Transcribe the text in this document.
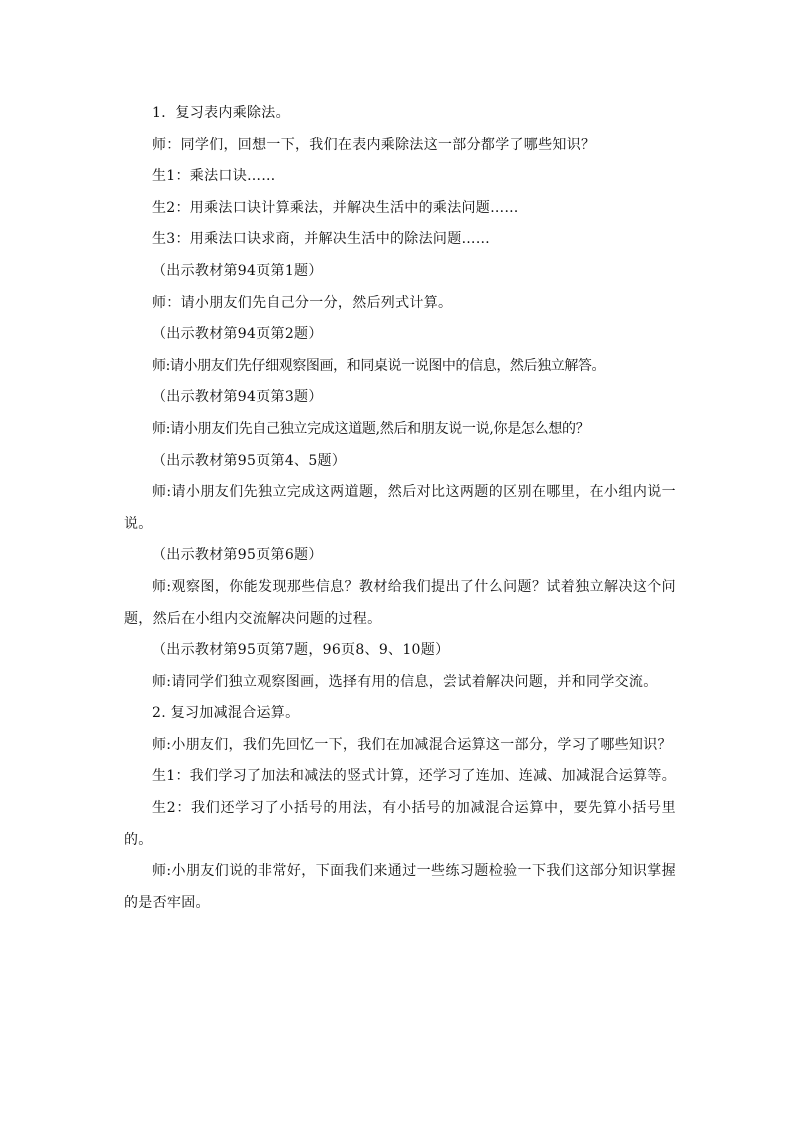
1．复习表内乘除法。

师：同学们，回想一下，我们在表内乘除法这一部分都学了哪些知识？

生1：乘法口诀……

生2：用乘法口诀计算乘法，并解决生活中的乘法问题……

生3：用乘法口诀求商，并解决生活中的除法问题……

（出示教材第94页第1题）

师：请小朋友们先自己分一分，然后列式计算。

（出示教材第94页第2题）

师:请小朋友们先仔细观察图画，和同桌说一说图中的信息，然后独立解答。

（出示教材第94页第3题）

师:请小朋友们先自己独立完成这道题,然后和朋友说一说,你是怎么想的？

（出示教材第95页第4、5题）

师:请小朋友们先独立完成这两道题，然后对比这两题的区别在哪里，在小组内说一说。

（出示教材第95页第6题）

师:观察图，你能发现那些信息？教材给我们提出了什么问题？试着独立解决这个问题，然后在小组内交流解决问题的过程。

（出示教材第95页第7题，96页8、9、10题）

师:请同学们独立观察图画，选择有用的信息，尝试着解决问题，并和同学交流。

2. 复习加减混合运算。

师:小朋友们，我们先回忆一下，我们在加减混合运算这一部分，学习了哪些知识？

生1：我们学习了加法和减法的竖式计算，还学习了连加、连减、加减混合运算等。

生2：我们还学习了小括号的用法，有小括号的加减混合运算中，要先算小括号里的。

师:小朋友们说的非常好，下面我们来通过一些练习题检验一下我们这部分知识掌握的是否牢固。
